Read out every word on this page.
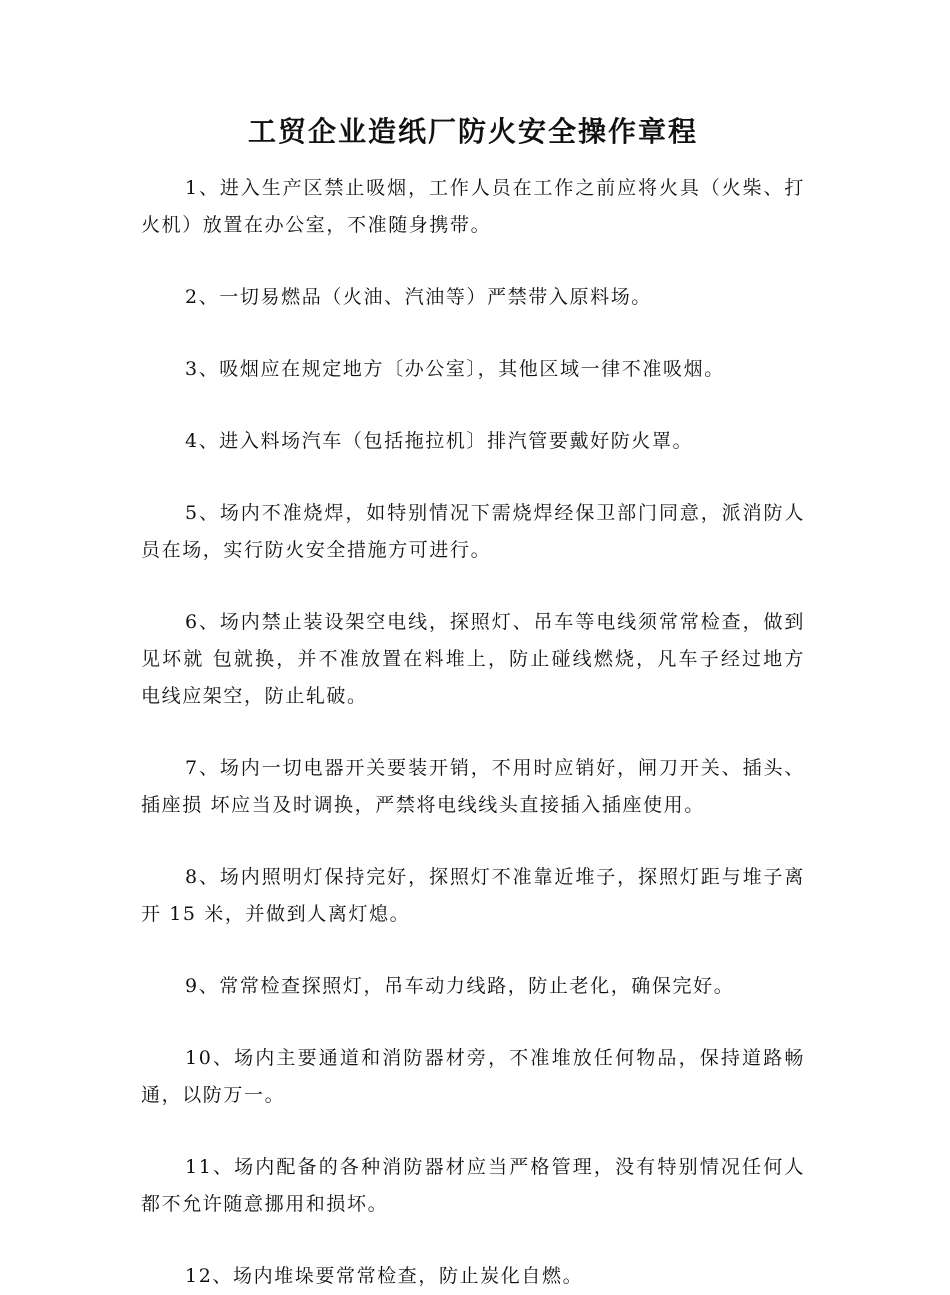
工贸企业造纸厂防火安全操作章程
1、进入生产区禁止吸烟，工作人员在工作之前应将火具（火柴、打火机）放置在办公室，不准随身携带。
2、一切易燃品（火油、汽油等）严禁带入原料场。
3、吸烟应在规定地方〔办公室〕，其他区域一律不准吸烟。
4、进入料场汽车（包括拖拉机〕排汽管要戴好防火罩。
5、场内不准烧焊，如特别情况下需烧焊经保卫部门同意，派消防人员在场，实行防火安全措施方可进行。
6、场内禁止装设架空电线，探照灯、吊车等电线须常常检查，做到见坏就 包就换，并不准放置在料堆上，防止碰线燃烧，凡车子经过地方电线应架空，防止轧破。
7、场内一切电器开关要装开销，不用时应销好，闸刀开关、插头、插座损 坏应当及时调换，严禁将电线线头直接插入插座使用。
8、场内照明灯保持完好，探照灯不准靠近堆子，探照灯距与堆子离开 15 米，并做到人离灯熄。
9、常常检查探照灯，吊车动力线路，防止老化，确保完好。
10、场内主要通道和消防器材旁，不准堆放任何物品，保持道路畅通，以防万一。
11、场内配备的各种消防器材应当严格管理，没有特别情况任何人都不允许随意挪用和损坏。
12、场内堆垛要常常检查，防止炭化自燃。
